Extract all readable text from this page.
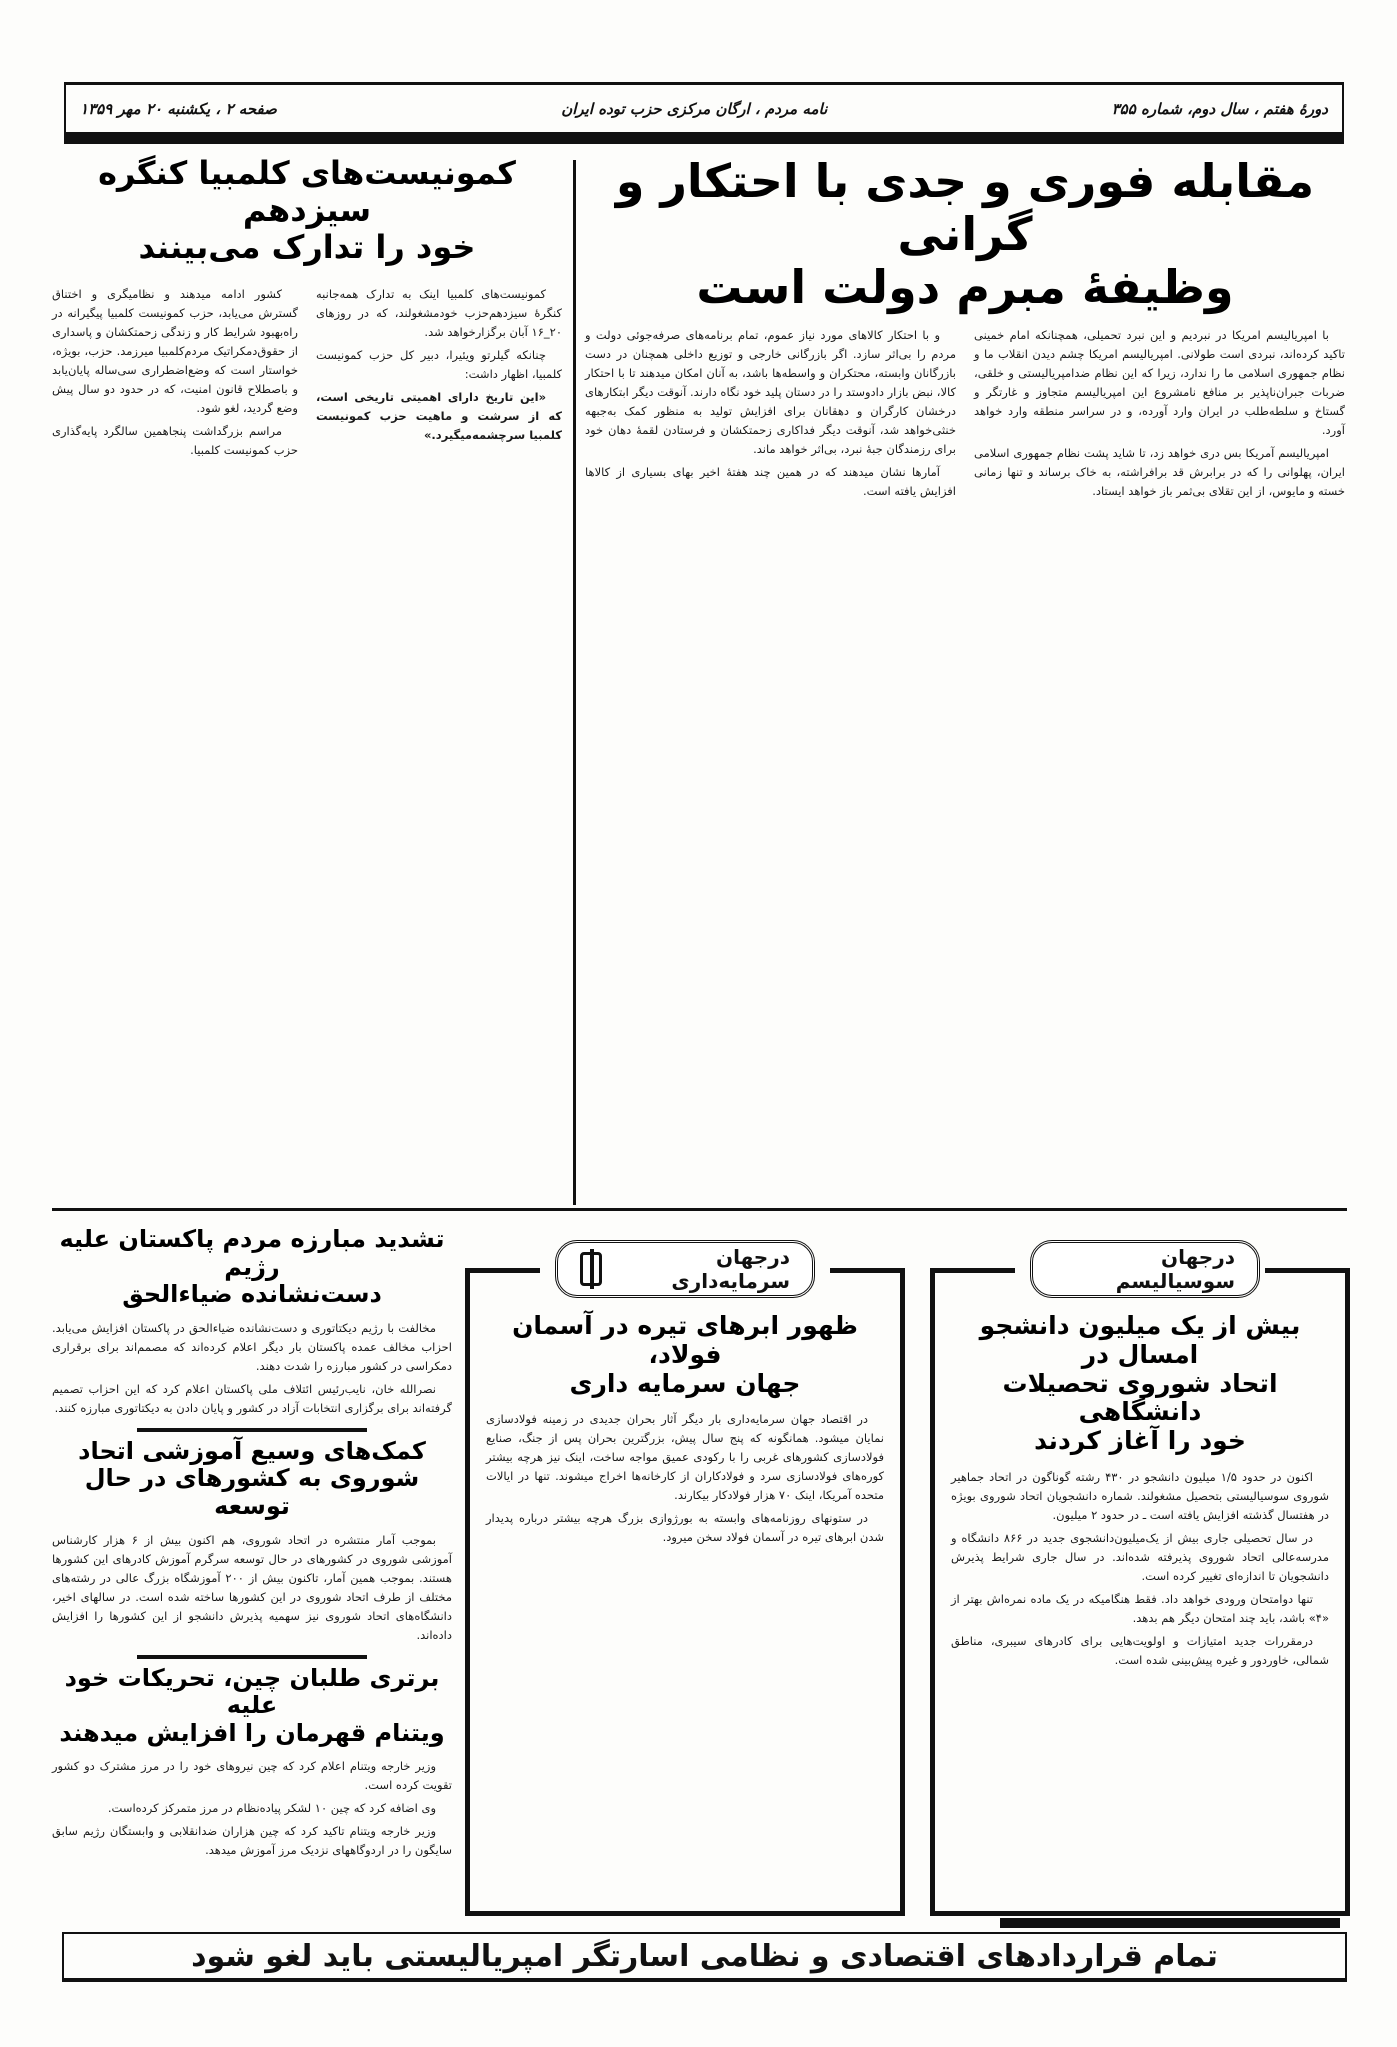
دورهٔ هفتم ، سال دوم، شماره ۳۵۵
نامه مردم ، ارگان مرکزی حزب توده ایران
صفحه ۲ ، یکشنبه ۲۰ مهر ۱۳۵۹
مقابله فوری و جدی با احتکار و گرانی
وظیفهٔ مبرم دولت است

با امپریالیسم امریکا در نبردیم و این نبرد تحمیلی، همچنانکه امام خمینی تاکید کرده‌اند، نبردی است طولانی. امپریالیسم امریکا چشم دیدن انقلاب ما و نظام جمهوری اسلامی ما را ندارد، زیرا که این نظام ضدامپریالیستی و خلقی، ضربات جبران‌ناپذیر بر منافع نامشروع این امپریالیسم متجاوز و غارتگر و گستاخ و سلطه‌طلب در ایران وارد آورده، و در سراسر منطقه وارد خواهد آورد.

امپریالیسم آمریکا بس دری خواهد زد، تا شاید پشت نظام جمهوری اسلامی ایران، پهلوانی را که در برابرش قد برافراشته، به خاک برساند و تنها زمانی خسته و مایوس، از این تقلای بی‌ثمر باز خواهد ایستاد.

و با احتکار کالاهای مورد نیاز عموم، تمام برنامه‌های صرفه‌جوئی دولت و مردم را بی‌اثر سازد. اگر بازرگانی خارجی و توزیع داخلی همچنان در دست بازرگانان وابسته، محتکران و واسطه‌ها باشد، به آنان امکان میدهند تا با احتکار کالا، نبض بازار دادوستد را در دستان پلید خود نگاه دارند. آنوقت دیگر ابتکارهای درخشان کارگران و دهقانان برای افزایش تولید به منظور کمک به‌جبهه خنثی‌خواهد شد، آنوقت دیگر فداکاری زحمتکشان و فرستادن لقمهٔ دهان خود برای رزمندگان جبهٔ نبرد، بی‌اثر خواهد ماند.

آمارها نشان میدهند که در همین چند هفتهٔ اخیر بهای بسیاری از کالاها افزایش یافته است.

کمونیست‌های کلمبیا کنگره سیزدهم
خود را تدارک می‌بینند

کمونیست‌های کلمبیا اینک به تدارک همه‌جانبه کنگرهٔ سیزدهم‌حزب خودمشغولند، که در روزهای ۲۰_۱۶ آبان برگزارخواهد شد.

چنانکه گیلرتو ویئیرا، دبیر کل حزب کمونیست کلمبیا، اظهار داشت:

«این تاریخ دارای اهمیتی تاریخی است، که از سرشت و ماهیت حزب کمونیست کلمبیا سرچشمه‌میگیرد.»

کشور ادامه میدهند و نظامیگری و اختناق گسترش می‌یابد، حزب کمونیست کلمبیا پیگیرانه در راه‌بهبود شرایط کار و زندگی زحمتکشان و پاسداری از حقوق‌دمکراتیک مردم‌کلمبیا میرزمد. حزب، بویژه، خواستار است که وضع‌اضطراری سی‌ساله پایان‌یابد و باصطلاح قانون امنیت، که در حدود دو سال پیش وضع گردید، لغو شود.

مراسم بزرگداشت پنجاهمین سالگرد پایه‌گذاری حزب کمونیست کلمبیا.

تشدید مبارزه مردم پاکستان علیه رژیم
دست‌نشانده ضیاءالحق

مخالفت با رژیم دیکتاتوری و دست‌نشانده ضیاءالحق در پاکستان افزایش می‌یابد. احزاب مخالف عمده پاکستان بار دیگر اعلام کرده‌اند که مصمم‌اند برای برقراری دمکراسی در کشور مبارزه را شدت دهند.

نصرالله خان، نایب‌رئیس ائتلاف ملی پاکستان اعلام کرد که این احزاب تصمیم گرفته‌اند برای برگزاری انتخابات آزاد در کشور و پایان دادن به دیکتاتوری مبارزه کنند.

کمک‌های وسیع آموزشی اتحاد
شوروی به کشورهای در حال توسعه

بموجب آمار منتشره در اتحاد شوروی، هم اکنون بیش از ۶ هزار کارشناس آموزشی شوروی در کشورهای در حال توسعه سرگرم آموزش کادرهای این کشورها هستند. بموجب همین آمار، تاکنون بیش از ۲۰۰ آموزشگاه بزرگ عالی در رشته‌های مختلف از طرف اتحاد شوروی در این کشورها ساخته شده است. در سالهای اخیر، دانشگاه‌های اتحاد شوروی نیز سهمیه پذیرش دانشجو از این کشورها را افزایش داده‌اند.

برتری طلبان چین، تحریکات خود علیه
ویتنام قهرمان را افزایش میدهند

وزیر خارجه ویتنام اعلام کرد که چین نیروهای خود را در مرز مشترک دو کشور تقویت کرده است.

وی اضافه کرد که چین ۱۰ لشکر پیاده‌نظام در مرز متمرکز کرده‌است.

وزیر خارجه ویتنام تاکید کرد که چین هزاران ضدانقلابی و وابستگان رژیم سابق سایگون را در اردوگاههای نزدیک مرز آموزش میدهد.

درجهان سرمایه‌داری
ظهور ابرهای تیره در آسمان فولاد،
جهان سرمایه داری

در اقتصاد جهان سرمایه‌داری بار دیگر آثار بحران جدیدی در زمینه فولادسازی نمایان میشود. همانگونه که پنج سال پیش، بزرگترین بحران پس از جنگ، صنایع فولادسازی کشورهای غربی را با رکودی عمیق مواجه ساخت، اینک نیز هرچه بیشتر کوره‌های فولادسازی سرد و فولادکاران از کارخانه‌ها اخراج میشوند. تنها در ایالات متحده آمریکا، اینک ۷۰ هزار فولادکار بیکارند.

در ستونهای روزنامه‌های وابسته به بورژوازی بزرگ هرچه بیشتر درباره پدیدار شدن ابرهای تیره در آسمان فولاد سخن میرود.

درجهان سوسیالیسم
بیش از یک میلیون دانشجو امسال در
اتحاد شوروی تحصیلات دانشگاهی
خود را آغاز کردند

اکنون در حدود ۱/۵ میلیون دانشجو در ۴۳۰ رشته گوناگون در اتحاد جماهیر شوروی سوسیالیستی بتحصیل مشغولند. شماره دانشجویان اتحاد شوروی بویژه در هفتسال گذشته افزایش یافته است ـ در حدود ۲ میلیون.

در سال تحصیلی جاری بیش از یک‌میلیون‌دانشجوی جدید در ۸۶۶ دانشگاه و مدرسه‌عالی اتحاد شوروی پذیرفته شده‌اند. در سال جاری شرایط پذیرش دانشجویان تا اندازه‌ای تغییر کرده است.

تنها دوامتحان ورودی خواهد داد. فقط هنگامیکه در یک ماده نمره‌اش بهتر از «۴» باشد، باید چند امتحان دیگر هم بدهد.

درمقررات جدید امتیازات و اولویت‌هایی برای کادرهای سیبری، مناطق شمالی، خاوردور و غیره پیش‌بینی شده است.

تمام قراردادهای اقتصادی و نظامی اسارتگر امپریالیستی باید لغو شود
